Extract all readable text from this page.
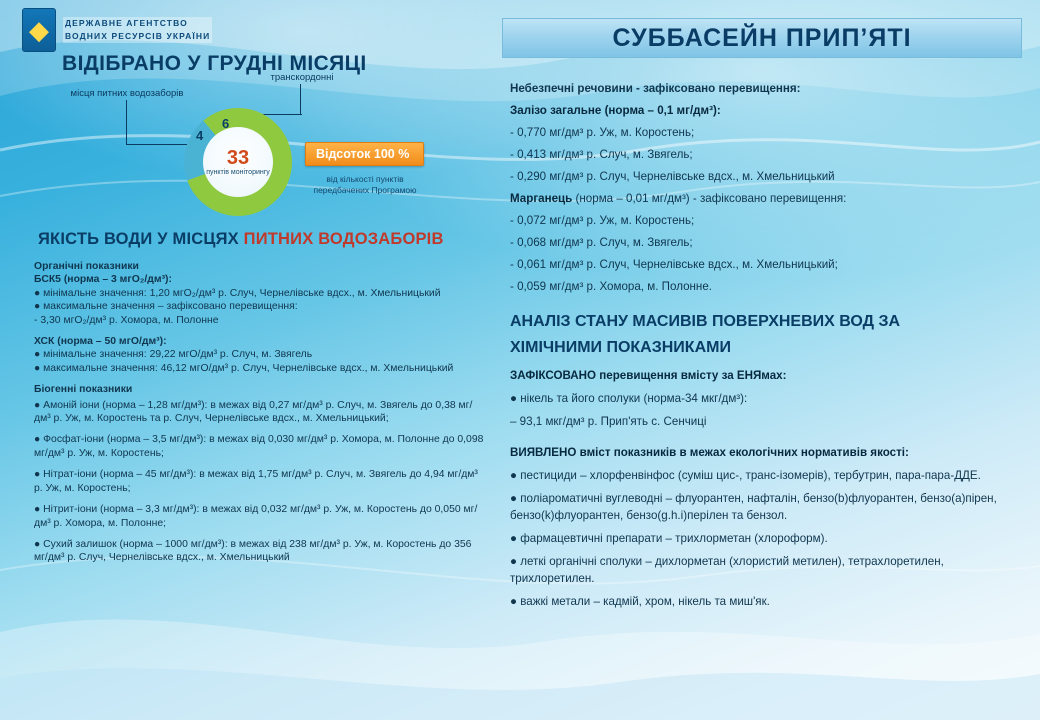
◆	ДЕРЖАВНЕ АГЕНТСТВО
ВОДНИХ РЕСУРСІВ УКРАЇНИ
ВІДІБРАНО У ГРУДНІ МІСЯЦІ
місця питних водозаборів
транскордонні
33
пунктів моніторингу
4
6
Відсоток 100 %
від кількості пунктів передбачених Програмою
ЯКІСТЬ ВОДИ У МІСЦЯХ ПИТНИХ ВОДОЗАБОРІВ
Органічні показники
БСК5 (норма – 3 мгО₂/дм³):
● мінімальне значення: 1,20 мгО₂/дм³ р. Случ, Чернелівське вдсх., м. Хмельницький
● максимальне значення – зафіксовано перевищення:
- 3,30 мгО₂/дм³ р. Хомора, м. Полонне
ХСК (норма – 50 мгО/дм³):
● мінімальне значення: 29,22 мгО/дм³ р. Случ, м. Звягель
● максимальне значення: 46,12 мгО/дм³ р. Случ, Чернелівське вдсх., м. Хмельницький
Біогенні показники
● Амоній іони (норма – 1,28 мг/дм³): в межах від 0,27 мг/дм³ р. Случ, м. Звягель до 0,38 мг/дм³ р. Уж, м. Коростень та р. Случ, Чернелівське вдсх., м. Хмельницький;
● Фосфат-іони (норма – 3,5 мг/дм³): в межах від 0,030 мг/дм³ р. Хомора, м. Полонне до 0,098 мг/дм³ р. Уж, м. Коростень;
● Нітрат-іони (норма – 45 мг/дм³): в межах від 1,75 мг/дм³ р. Случ, м. Звягель до 4,94 мг/дм³ р. Уж, м. Коростень;
● Нітрит-іони (норма – 3,3 мг/дм³): в межах від 0,032 мг/дм³ р. Уж, м. Коростень до 0,050 мг/дм³ р. Хомора, м. Полонне;
● Сухий залишок (норма – 1000 мг/дм³): в межах від 238 мг/дм³ р. Уж, м. Коростень до 356 мг/дм³ р. Случ, Чернелівське вдсх., м. Хмельницький
СУББАСЕЙН ПРИП’ЯТІ
Небезпечні речовини - зафіксовано перевищення:
Залізо загальне (норма – 0,1 мг/дм³):
- 0,770 мг/дм³ р. Уж, м. Коростень;
- 0,413 мг/дм³ р. Случ, м. Звягель;
- 0,290 мг/дм³ р. Случ, Чернелівське вдсх., м. Хмельницький
Марганець (норма – 0,01 мг/дм³) - зафіксовано перевищення:
- 0,072 мг/дм³ р. Уж, м. Коростень;
- 0,068 мг/дм³ р. Случ, м. Звягель;
- 0,061 мг/дм³ р. Случ, Чернелівське вдсх., м. Хмельницький;
- 0,059 мг/дм³ р. Хомора, м. Полонне.
АНАЛІЗ СТАНУ МАСИВІВ ПОВЕРХНЕВИХ ВОД ЗА
ХІМІЧНИМИ ПОКАЗНИКАМИ
ЗАФІКСОВАНО перевищення вмісту за ЕНЯмах:
● нікель та його сполуки (норма-34 мкг/дм³):
– 93,1 мкг/дм³ р. Прип'ять с. Сенчиці
ВИЯВЛЕНО вміст показників в межах екологічних нормативів якості:
● пестициди – хлорфенвінфос (суміш цис-, транс-ізомерів), тербутрин, пара-пара-ДДЕ.
● поліароматичні вуглеводні – флуорантен, нафталін, бензо(b)флуорантен, бензо(a)пірен, бензо(k)флуорантен, бензо(g.h.i)перілен та бензол.
● фармацевтичні препарати – трихлорметан (хлороформ).
● леткі органічні сполуки – дихлорметан (хлористий метилен), тетрахлоретилен, трихлоретилен.
● важкі метали – кадмій, хром, нікель та миш'як.
